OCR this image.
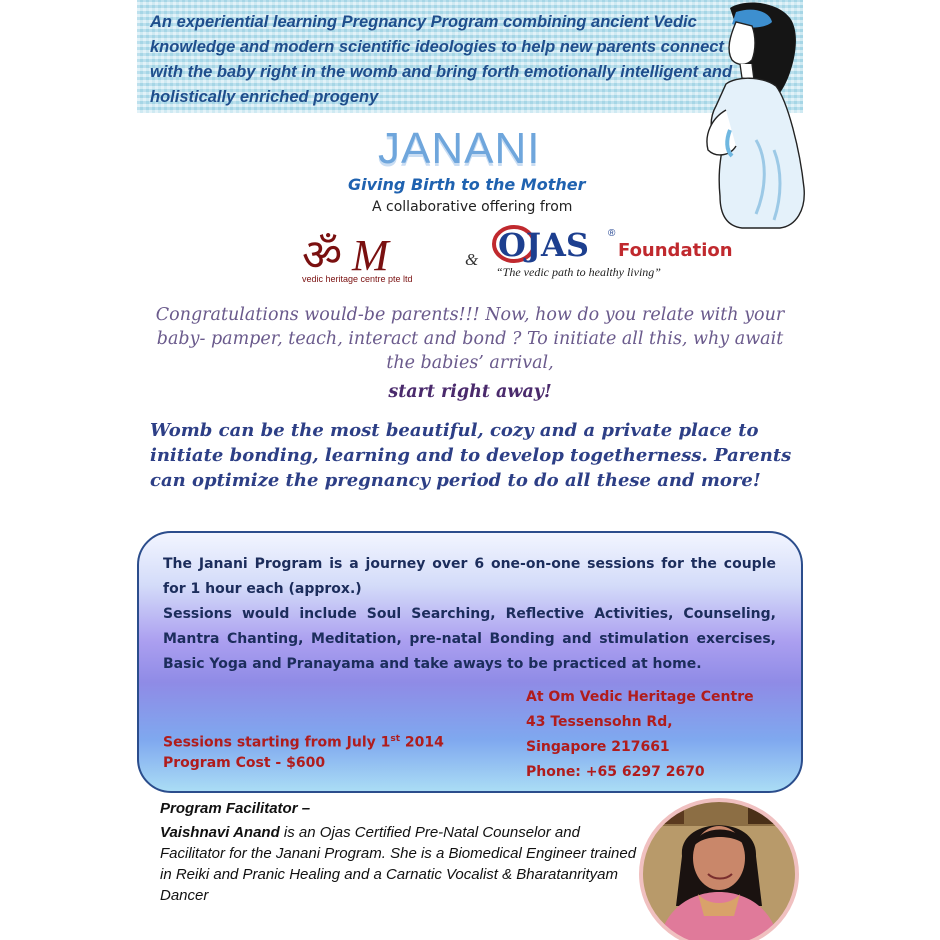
An experiential learning Pregnancy Program combining ancient Vedic knowledge and modern scientific ideologies to help new parents connect with the baby right in the womb and bring forth emotionally intelligent and holistically enriched progeny

JANANI

Giving Birth to the Mother

A collaborative offering from

ॐ M

vedic heritage centre pte ltd

& OJAS ®
Foundation

“The vedic path to healthy living”

Congratulations would-be parents!!! Now, how do you relate with your baby- pamper, teach, interact and bond ? To initiate all this, why await the babies’ arrival,

start right away!

Womb can be the most beautiful, cozy and a private place to initiate bonding, learning and to develop togetherness. Parents can optimize the pregnancy period to do all these and more!

The Janani Program is a journey over 6 one-on-one sessions for the couple for 1 hour each (approx.)

Sessions would include Soul Searching, Reflective Activities, Counseling, Mantra Chanting, Meditation, pre-natal Bonding and stimulation exercises, Basic Yoga and Pranayama and take aways to be practiced at home.

Sessions starting from July 1st 2014

Program Cost - $600

At Om Vedic Heritage Centre
43 Tessensohn Rd,
Singapore 217661
Phone: +65 6297 2670

Program Facilitator –

Vaishnavi Anand is an Ojas Certified Pre-Natal Counselor and Facilitator for the Janani Program. She is a Biomedical Engineer trained in Reiki and Pranic Healing and a Carnatic Vocalist & Bharatanrityam Dancer
